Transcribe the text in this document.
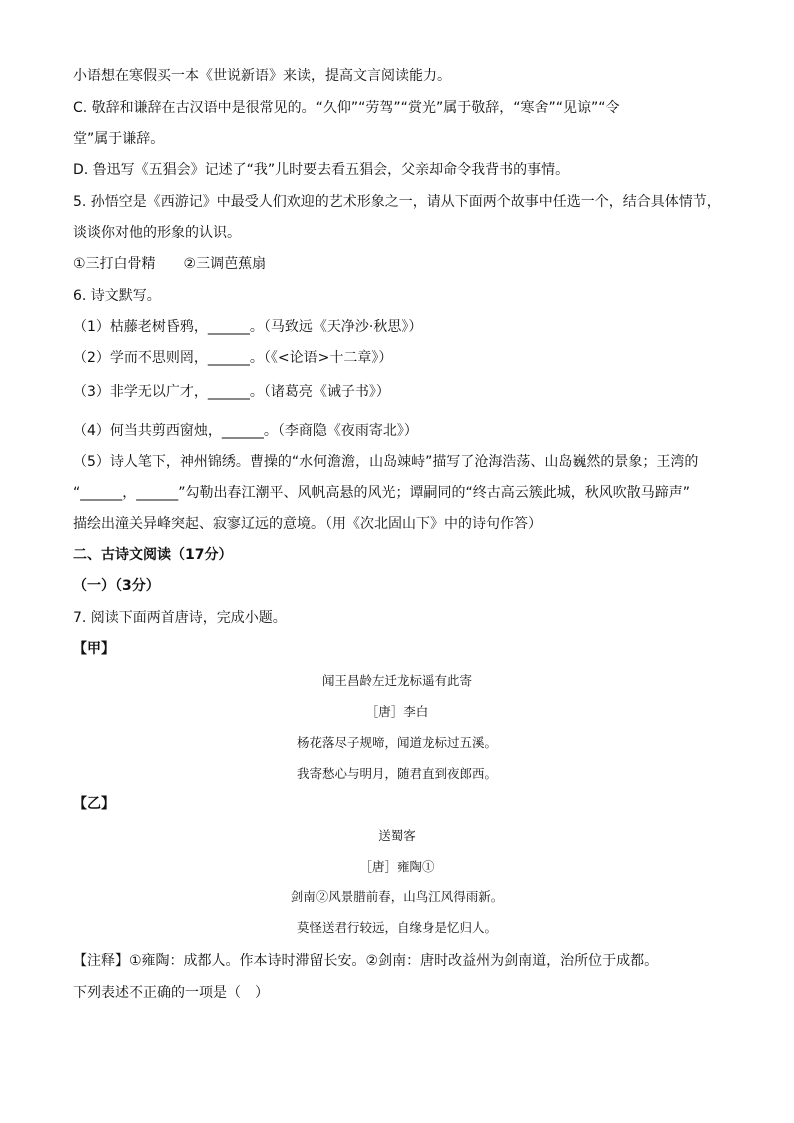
小语想在寒假买一本《世说新语》来读，提高文言阅读能力。
C. 敬辞和谦辞在古汉语中是很常见的。“久仰”“劳驾”“赏光”属于敬辞，“寒舍”“见谅”“令
堂”属于谦辞。
D. 鲁迅写《五猖会》记述了“我”儿时要去看五猖会，父亲却命令我背书的事情。
5. 孙悟空是《西游记》中最受人们欢迎的艺术形象之一，请从下面两个故事中任选一个，结合具体情节，
谈谈你对他的形象的认识。
①三打白骨精　　②三调芭蕉扇
6. 诗文默写。
（1）枯藤老树昏鸦，______。（马致远《天净沙·秋思》）
（2）学而不思则罔，______。（《<论语>十二章》）
（3）非学无以广才，______。（诸葛亮《诫子书》）
（4）何当共剪西窗烛，______。（李商隐《夜雨寄北》）
（5）诗人笔下，神州锦绣。曹操的“水何澹澹，山岛竦峙”描写了沧海浩荡、山岛巍然的景象；王湾的
“______，______”勾勒出春江潮平、风帆高悬的风光；谭嗣同的“终古高云簇此城，秋风吹散马蹄声”
描绘出潼关异峰突起、寂寥辽远的意境。（用《次北固山下》中的诗句作答）
二、古诗文阅读（17分）
（一）（3分）
7. 阅读下面两首唐诗，完成小题。
【甲】
闻王昌龄左迁龙标遥有此寄
［唐］李白
杨花落尽子规啼，闻道龙标过五溪。
我寄愁心与明月，随君直到夜郎西。
【乙】
送蜀客
［唐］雍陶①
剑南②风景腊前春，山鸟江风得雨新。
莫怪送君行较远，自缘身是忆归人。
【注释】①雍陶：成都人。作本诗时滞留长安。②剑南：唐时改益州为剑南道，治所位于成都。
下列表述不正确的一项是（　）
